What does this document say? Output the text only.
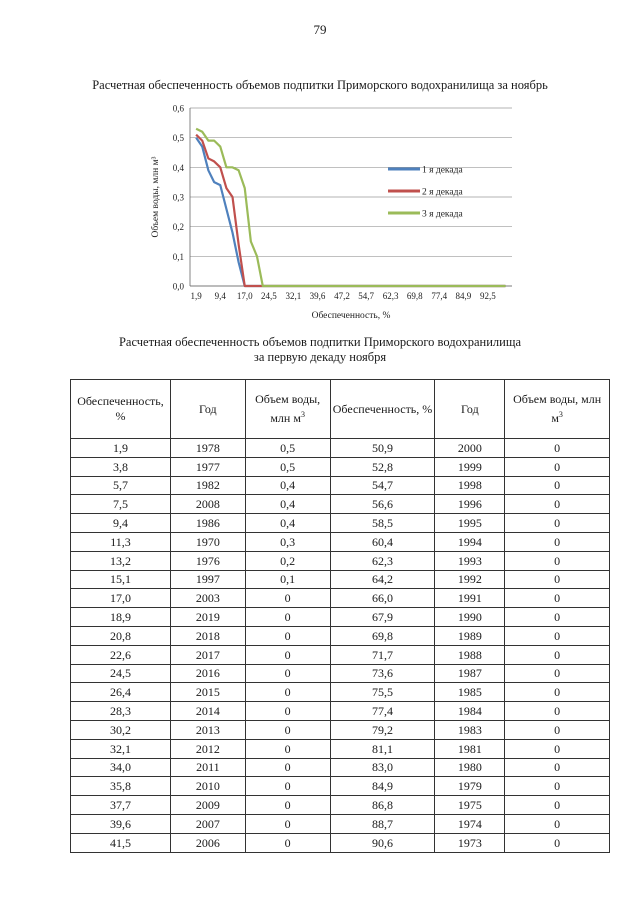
79
Расчетная обеспеченность объемов подпитки Приморского водохранилища за ноябрь
0,0
0,1
0,2
0,3
0,4
0,5
0,6
1,9 9,4 17,0 24,5 32,1 39,6 47,2 54,7 62,3 69,8 77,4 84,9 92,5
Обеспеченность, %
Объем воды, млн м³	1 я декада
2 я декада
3 я декада
Расчетная обеспеченность объемов подпитки Приморского водохранилища
за первую декаду ноября
Обеспеченность, %	Год	Объем воды, млн $м^3$	Обеспеченность, %	Год	Объем воды, млн $м^3$
1,9	1978	0,5	50,9	2000	0
3,8	1977	0,5	52,8	1999	0
5,7	1982	0,4	54,7	1998	0
7,5	2008	0,4	56,6	1996	0
9,4	1986	0,4	58,5	1995	0
11,3	1970	0,3	60,4	1994	0
13,2	1976	0,2	62,3	1993	0
15,1	1997	0,1	64,2	1992	0
17,0	2003	0	66,0	1991	0
18,9	2019	0	67,9	1990	0
20,8	2018	0	69,8	1989	0
22,6	2017	0	71,7	1988	0
24,5	2016	0	73,6	1987	0
26,4	2015	0	75,5	1985	0
28,3	2014	0	77,4	1984	0
30,2	2013	0	79,2	1983	0
32,1	2012	0	81,1	1981	0
34,0	2011	0	83,0	1980	0
35,8	2010	0	84,9	1979	0
37,7	2009	0	86,8	1975	0
39,6	2007	0	88,7	1974	0
41,5	2006	0	90,6	1973	0
